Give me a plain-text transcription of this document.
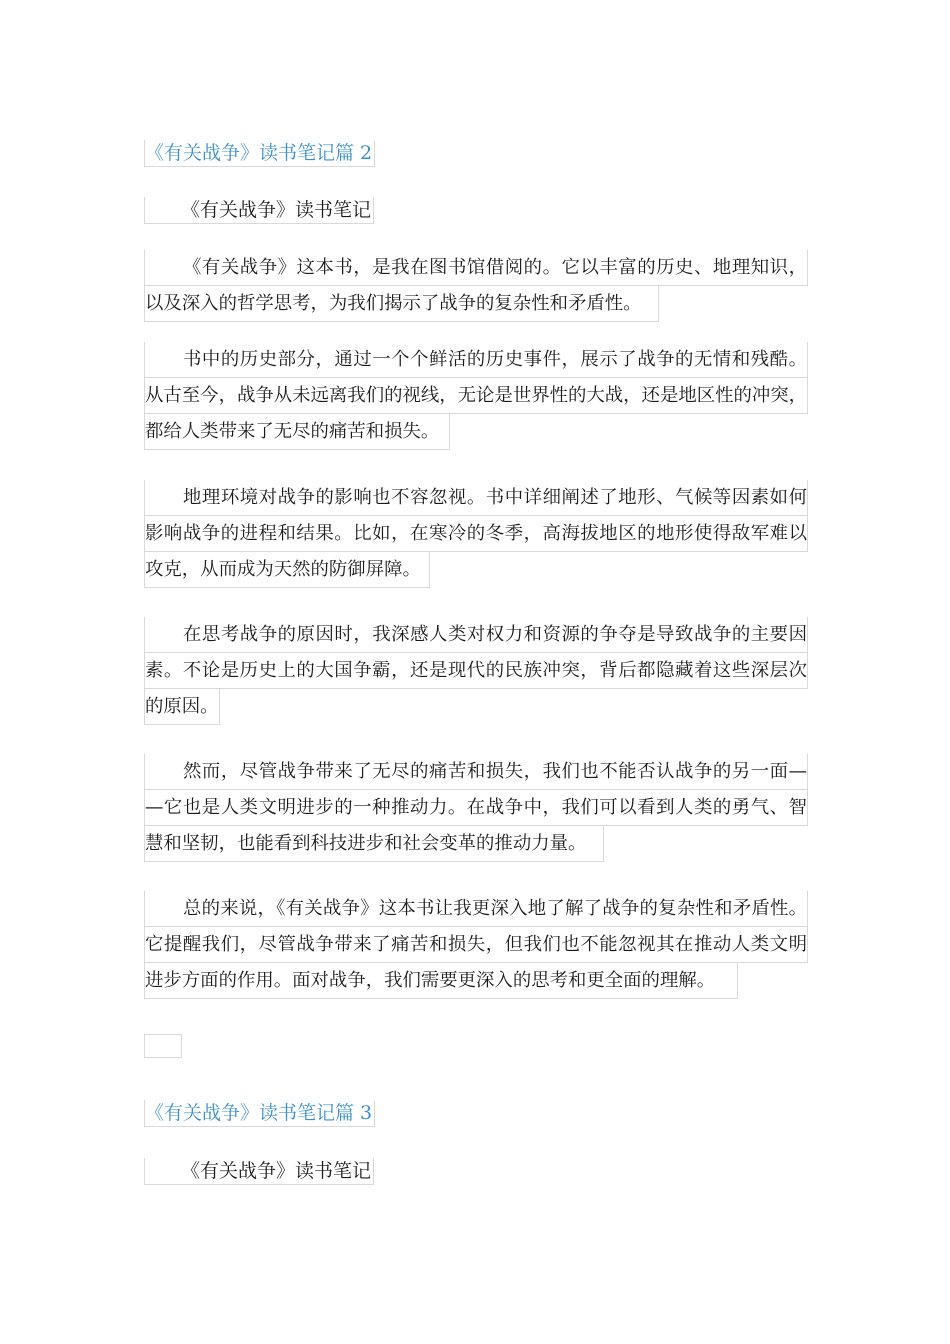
《有关战争》读书笔记篇 2
《有关战争》读书笔记
《有关战争》这本书，是我在图书馆借阅的。它以丰富的历史、地理知识，
以及深入的哲学思考，为我们揭示了战争的复杂性和矛盾性。
书中的历史部分，通过一个个鲜活的历史事件，展示了战争的无情和残酷。
从古至今，战争从未远离我们的视线，无论是世界性的大战，还是地区性的冲突，
都给人类带来了无尽的痛苦和损失。
地理环境对战争的影响也不容忽视。书中详细阐述了地形、气候等因素如何
影响战争的进程和结果。比如，在寒冷的冬季，高海拔地区的地形使得敌军难以
攻克，从而成为天然的防御屏障。
在思考战争的原因时，我深感人类对权力和资源的争夺是导致战争的主要因
素。不论是历史上的大国争霸，还是现代的民族冲突，背后都隐藏着这些深层次
的原因。
然而，尽管战争带来了无尽的痛苦和损失，我们也不能否认战争的另一面—
—它也是人类文明进步的一种推动力。在战争中，我们可以看到人类的勇气、智
慧和坚韧，也能看到科技进步和社会变革的推动力量。
总的来说，《有关战争》这本书让我更深入地了解了战争的复杂性和矛盾性。
它提醒我们，尽管战争带来了痛苦和损失，但我们也不能忽视其在推动人类文明
进步方面的作用。面对战争，我们需要更深入的思考和更全面的理解。
《有关战争》读书笔记篇 3
《有关战争》读书笔记
